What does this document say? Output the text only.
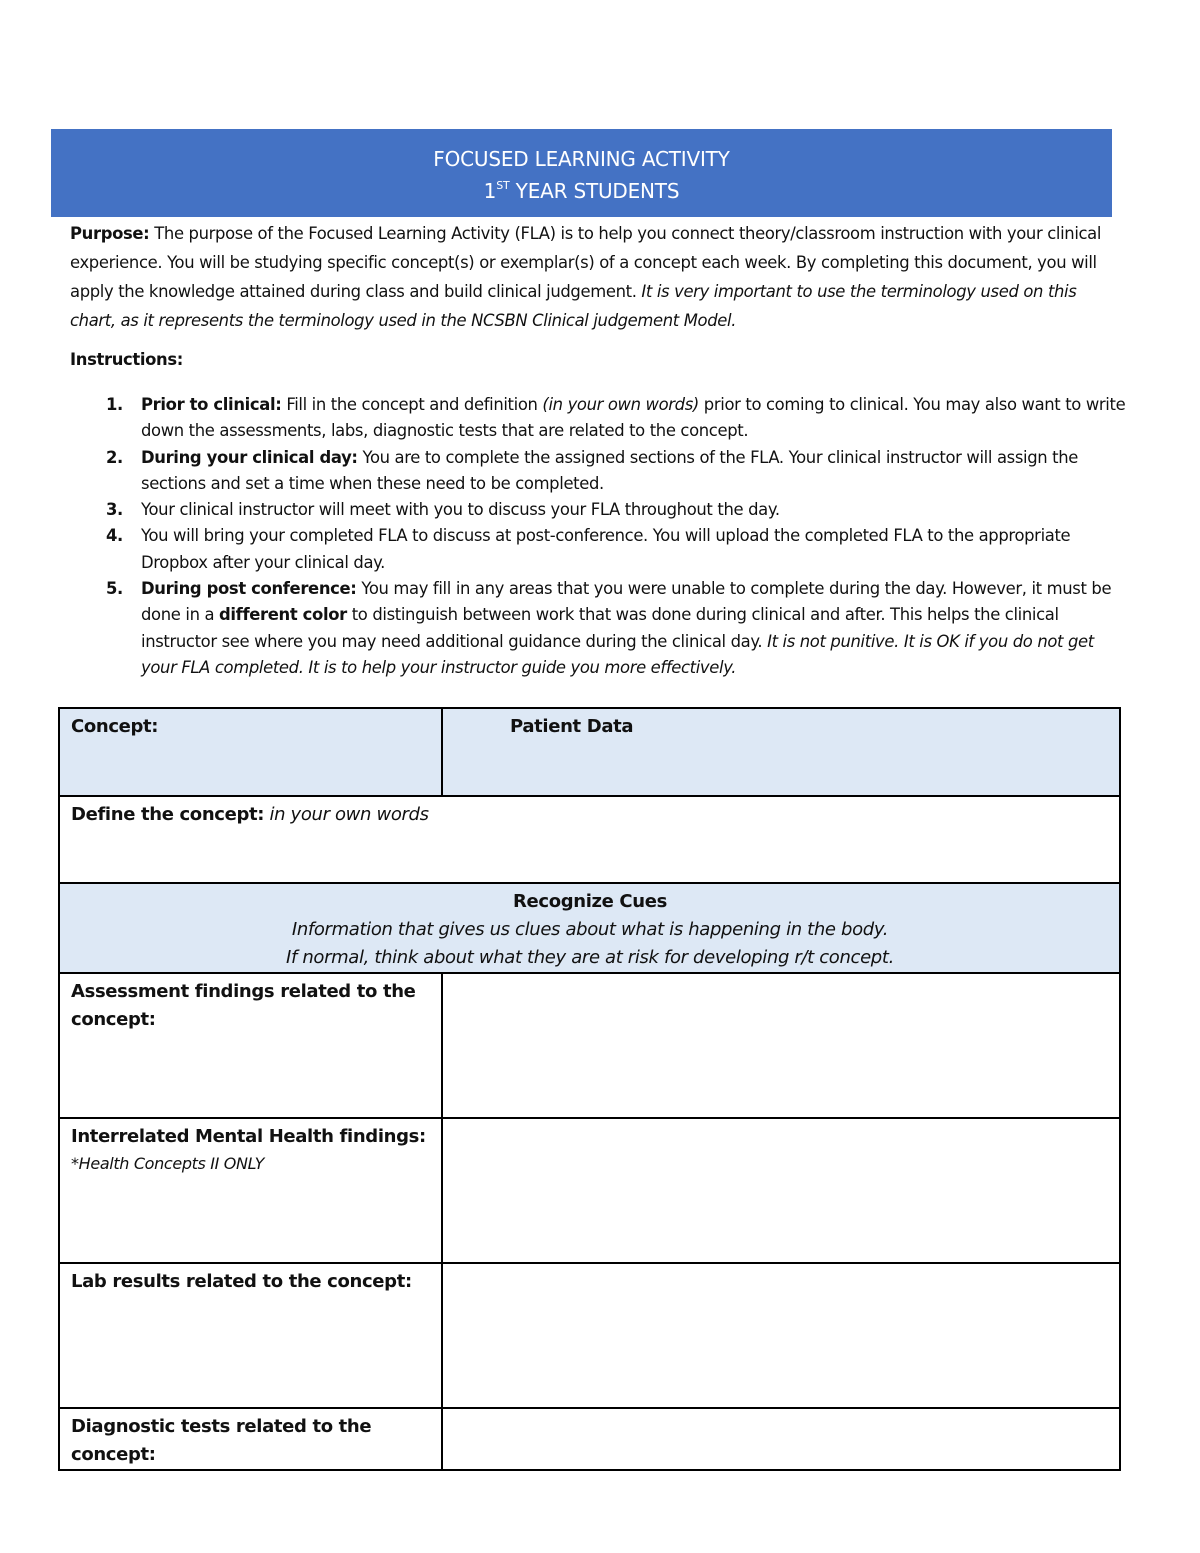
FOCUSED LEARNING ACTIVITY
1ST YEAR STUDENTS
Purpose: The purpose of the Focused Learning Activity (FLA) is to help you connect theory/classroom instruction with your clinical experience. You will be studying specific concept(s) or exemplar(s) of a concept each week. By completing this document, you will apply the knowledge attained during class and build clinical judgement. It is very important to use the terminology used on this chart, as it represents the terminology used in the NCSBN Clinical judgement Model.
Instructions:
1. Prior to clinical: Fill in the concept and definition (in your own words) prior to coming to clinical. You may also want to write down the assessments, labs, diagnostic tests that are related to the concept.
2. During your clinical day: You are to complete the assigned sections of the FLA. Your clinical instructor will assign the sections and set a time when these need to be completed.
3. Your clinical instructor will meet with you to discuss your FLA throughout the day.
4. You will bring your completed FLA to discuss at post-conference. You will upload the completed FLA to the appropriate Dropbox after your clinical day.
5. During post conference: You may fill in any areas that you were unable to complete during the day. However, it must be done in a different color to distinguish between work that was done during clinical and after. This helps the clinical instructor see where you may need additional guidance during the clinical day. It is not punitive. It is OK if you do not get your FLA completed. It is to help your instructor guide you more effectively.
Concept:	Patient Data
Define the concept: in your own words	

Recognize Cues
Information that gives us clues about what is happening in the body.
If normal, think about what they are at risk for developing r/t concept.	

Assessment findings related to the concept:	

Interrelated Mental Health findings:
*Health Concepts II ONLY	

Lab results related to the concept:	
Diagnostic tests related to the concept:	
